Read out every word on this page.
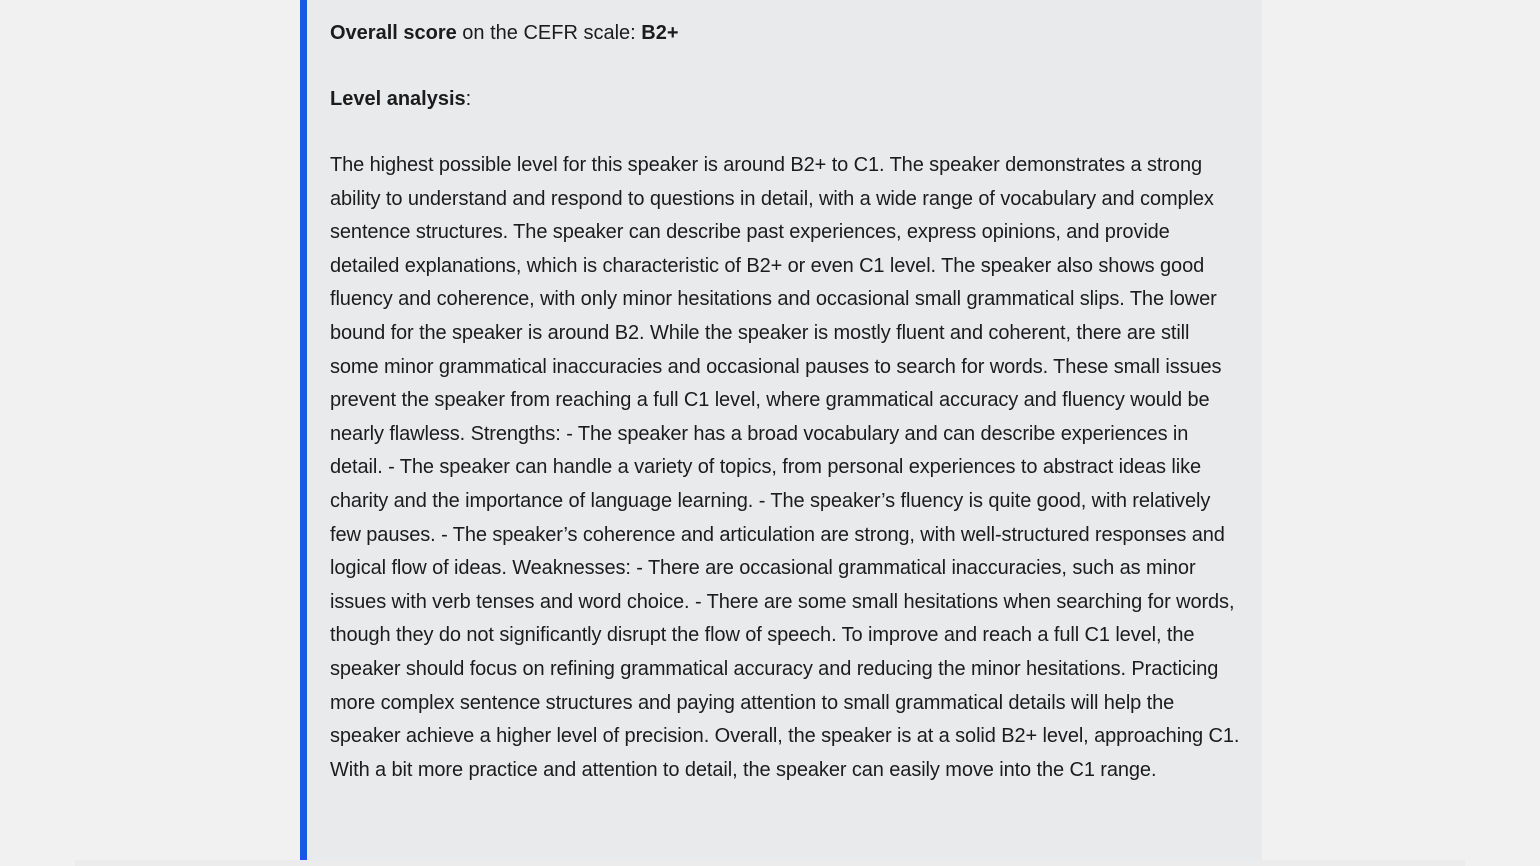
Overall score on the CEFR scale: B2+

Level analysis:

The highest possible level for this speaker is around B2+ to C1. The speaker demonstrates a strong ability to understand and respond to questions in detail, with a wide range of vocabulary and complex sentence structures. The speaker can describe past experiences, express opinions, and provide detailed explanations, which is characteristic of B2+ or even C1 level. The speaker also shows good fluency and coherence, with only minor hesitations and occasional small grammatical slips. The lower bound for the speaker is around B2. While the speaker is mostly fluent and coherent, there are still some minor grammatical inaccuracies and occasional pauses to search for words. These small issues prevent the speaker from reaching a full C1 level, where grammatical accuracy and fluency would be nearly flawless. Strengths: - The speaker has a broad vocabulary and can describe experiences in detail. - The speaker can handle a variety of topics, from personal experiences to abstract ideas like charity and the importance of language learning. - The speaker’s fluency is quite good, with relatively few pauses. - The speaker’s coherence and articulation are strong, with well-structured responses and logical flow of ideas. Weaknesses: - There are occasional grammatical inaccuracies, such as minor issues with verb tenses and word choice. - There are some small hesitations when searching for words, though they do not significantly disrupt the flow of speech. To improve and reach a full C1 level, the speaker should focus on refining grammatical accuracy and reducing the minor hesitations. Practicing more complex sentence structures and paying attention to small grammatical details will help the speaker achieve a higher level of precision. Overall, the speaker is at a solid B2+ level, approaching C1. With a bit more practice and attention to detail, the speaker can easily move into the C1 range.
